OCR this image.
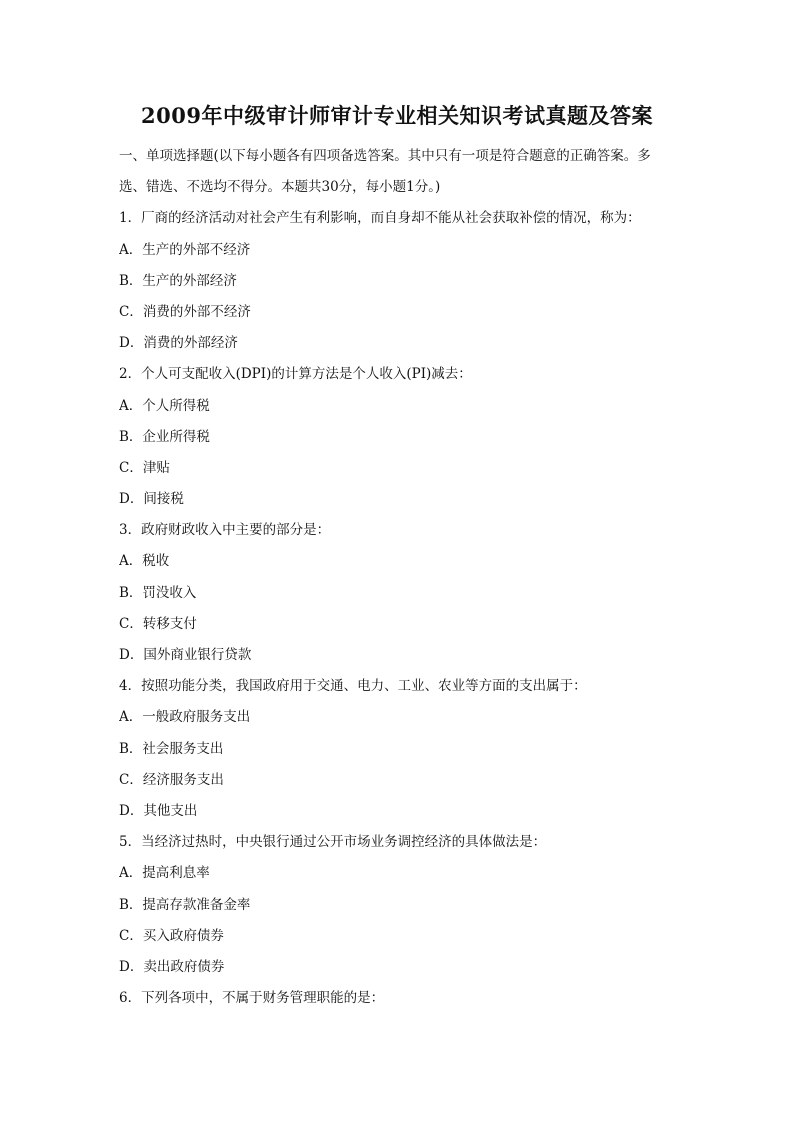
2009年中级审计师审计专业相关知识考试真题及答案
一、单项选择题(以下每小题各有四项备选答案。其中只有一项是符合题意的正确答案。多
选、错选、不选均不得分。本题共30分，每小题1分。)
1．厂商的经济活动对社会产生有利影响，而自身却不能从社会获取补偿的情况，称为：
A．生产的外部不经济
B．生产的外部经济
C．消费的外部不经济
D．消费的外部经济
2．个人可支配收入(DPI)的计算方法是个人收入(PI)减去：
A．个人所得税
B．企业所得税
C．津贴
D．间接税
3．政府财政收入中主要的部分是：
A．税收
B．罚没收入
C．转移支付
D．国外商业银行贷款
4．按照功能分类，我国政府用于交通、电力、工业、农业等方面的支出属于：
A．一般政府服务支出
B．社会服务支出
C．经济服务支出
D．其他支出
5．当经济过热时，中央银行通过公开市场业务调控经济的具体做法是：
A．提高利息率
B．提高存款准备金率
C．买入政府债券
D．卖出政府债券
6．下列各项中，不属于财务管理职能的是：
